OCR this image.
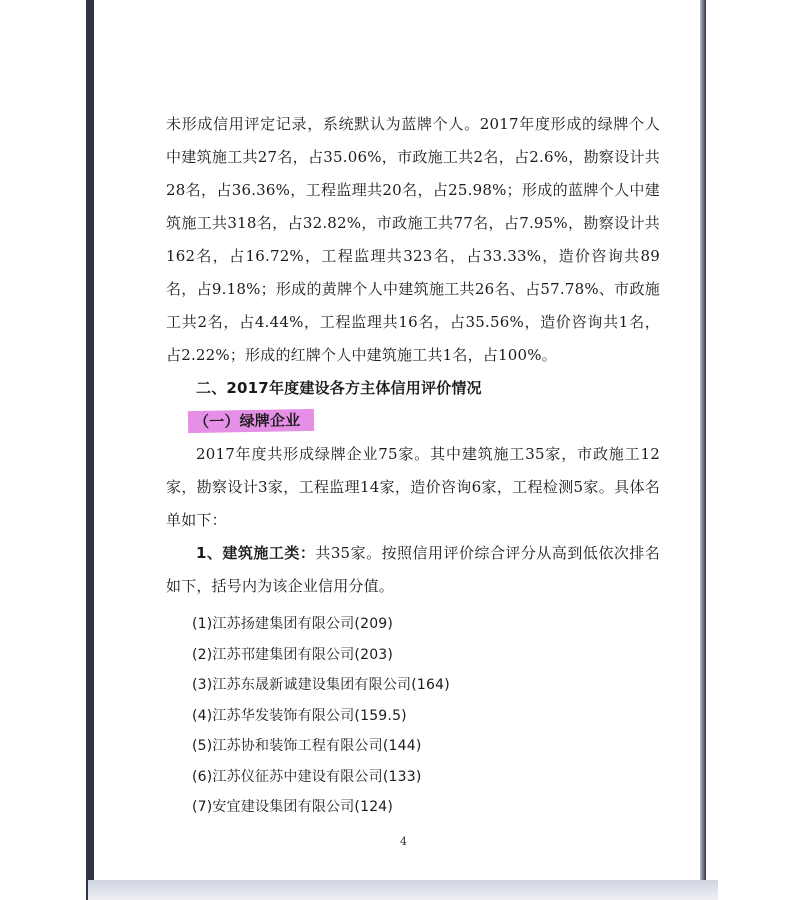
未形成信用评定记录，系统默认为蓝牌个人。2017年度形成的绿牌个人中建筑施工共27名，占35.06%，市政施工共2名，占2.6%，勘察设计共28名，占36.36%，工程监理共20名，占25.98%；形成的蓝牌个人中建筑施工共318名，占32.82%，市政施工共77名，占7.95%，勘察设计共162名，占16.72%，工程监理共323名，占33.33%，造价咨询共89名，占9.18%；形成的黄牌个人中建筑施工共26名、占57.78%、市政施工共2名，占4.44%，工程监理共16名，占35.56%，造价咨询共1名，占2.22%；形成的红牌个人中建筑施工共1名，占100%。

二、2017年度建设各方主体信用评价情况

（一）绿牌企业

2017年度共形成绿牌企业75家。其中建筑施工35家，市政施工12家，勘察设计3家，工程监理14家，造价咨询6家，工程检测5家。具体名单如下：

1、建筑施工类：共35家。按照信用评价综合评分从高到低依次排名如下，括号内为该企业信用分值。

(1)江苏扬建集团有限公司(209)
(2)江苏邗建集团有限公司(203)
(3)江苏东晟新诚建设集团有限公司(164)
(4)江苏华发装饰有限公司(159.5)
(5)江苏协和装饰工程有限公司(144)
(6)江苏仪征苏中建设有限公司(133)
(7)安宜建设集团有限公司(124)
4
